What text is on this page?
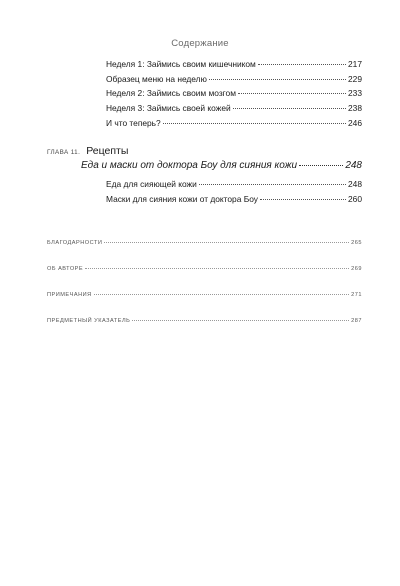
Содержание
Неделя 1: Займись своим кишечником	217
Образец меню на неделю	229
Неделя 2: Займись своим мозгом	233
Неделя 3: Займись своей кожей	238
И что теперь?	246
ГЛАВА 11. Рецепты
Еда и маски от доктора Боу для сияния кожи	248
Еда для сияющей кожи	248
Маски для сияния кожи от доктора Боу	260
БЛАГОДАРНОСТИ	265
ОБ АВТОРЕ	269
ПРИМЕЧАНИЯ	271
ПРЕДМЕТНЫЙ УКАЗАТЕЛЬ	287
